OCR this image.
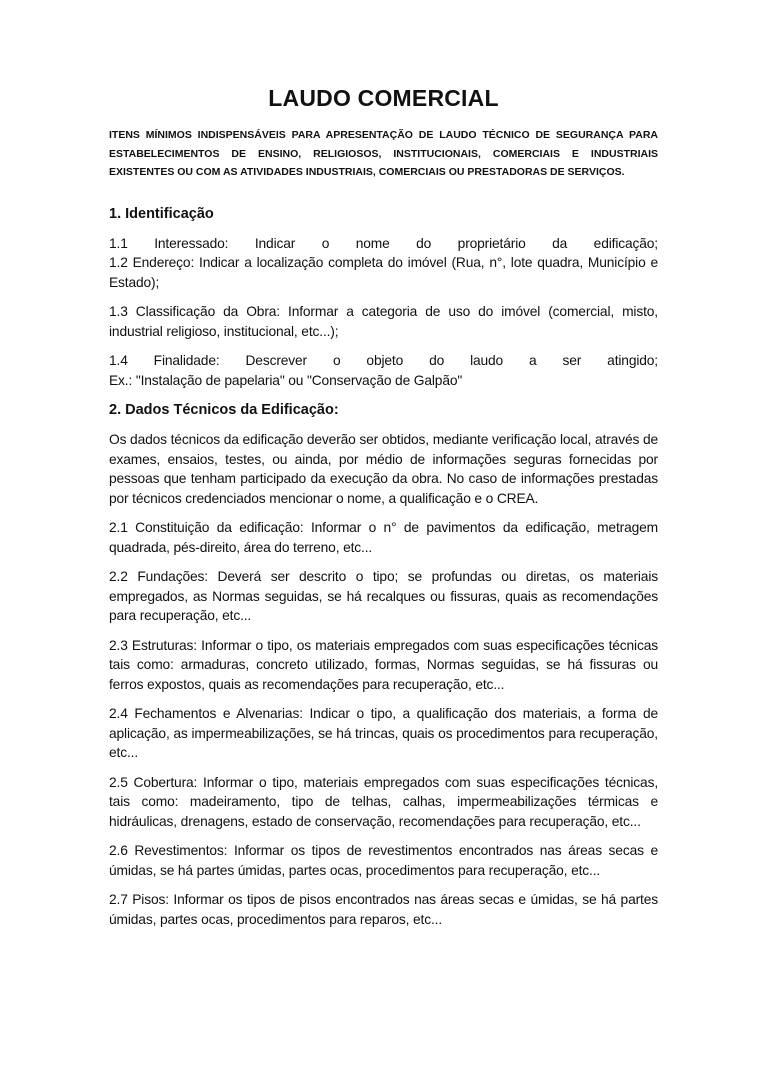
LAUDO COMERCIAL
ITENS MÍNIMOS INDISPENSÁVEIS PARA APRESENTAÇÃO DE LAUDO TÉCNICO DE SEGURANÇA PARA ESTABELECIMENTOS DE ENSINO, RELIGIOSOS, INSTITUCIONAIS, COMERCIAIS E INDUSTRIAIS EXISTENTES OU COM AS ATIVIDADES INDUSTRIAIS, COMERCIAIS OU PRESTADORAS DE SERVIÇOS.
1. Identificação

1.1 Interessado: Indicar o nome do proprietário da edificação;
1.2 Endereço: Indicar a localização completa do imóvel (Rua, n°, lote quadra, Município e Estado);

1.3 Classificação da Obra: Informar a categoria de uso do imóvel (comercial, misto, industrial religioso, institucional, etc...);

1.4 Finalidade: Descrever o objeto do laudo a ser atingido;
Ex.: "Instalação de papelaria" ou "Conservação de Galpão"

2. Dados Técnicos da Edificação:

Os dados técnicos da edificação deverão ser obtidos, mediante verificação local, através de exames, ensaios, testes, ou ainda, por médio de informações seguras fornecidas por pessoas que tenham participado da execução da obra. No caso de informações prestadas por técnicos credenciados mencionar o nome, a qualificação e o CREA.

2.1 Constituição da edificação: Informar o n° de pavimentos da edificação, metragem quadrada, pés-direito, área do terreno, etc...

2.2 Fundações: Deverá ser descrito o tipo; se profundas ou diretas, os materiais empregados, as Normas seguidas, se há recalques ou fissuras, quais as recomendações para recuperação, etc...

2.3 Estruturas: Informar o tipo, os materiais empregados com suas especificações técnicas tais como: armaduras, concreto utilizado, formas, Normas seguidas, se há fissuras ou ferros expostos, quais as recomendações para recuperação, etc...

2.4 Fechamentos e Alvenarias: Indicar o tipo, a qualificação dos materiais, a forma de aplicação, as impermeabilizações, se há trincas, quais os procedimentos para recuperação, etc...

2.5 Cobertura: Informar o tipo, materiais empregados com suas especificações técnicas, tais como: madeiramento, tipo de telhas, calhas, impermeabilizações térmicas e hidráulicas, drenagens, estado de conservação, recomendações para recuperação, etc...

2.6 Revestimentos: Informar os tipos de revestimentos encontrados nas áreas secas e úmidas, se há partes úmidas, partes ocas, procedimentos para recuperação, etc...

2.7 Pisos: Informar os tipos de pisos encontrados nas áreas secas e úmidas, se há partes úmidas, partes ocas, procedimentos para reparos, etc...
